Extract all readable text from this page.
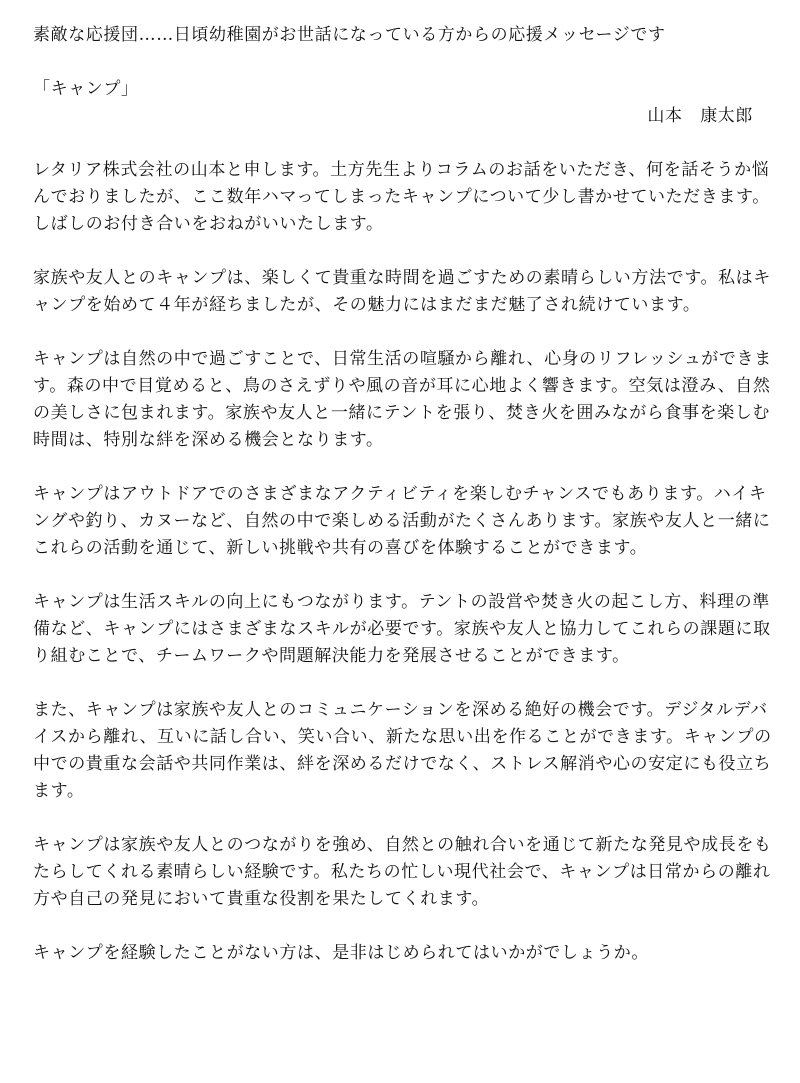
素敵な応援団……日頃幼稚園がお世話になっている方からの応援メッセージです
「キャンプ」
山本　康太郎
レタリア株式会社の山本と申します。土方先生よりコラムのお話をいただき、何を話そうか悩んでおりましたが、ここ数年ハマってしまったキャンプについて少し書かせていただきます。しばしのお付き合いをおねがいいたします。
家族や友人とのキャンプは、楽しくて貴重な時間を過ごすための素晴らしい方法です。私はキャンプを始めて４年が経ちましたが、その魅力にはまだまだ魅了され続けています。
キャンプは自然の中で過ごすことで、日常生活の喧騒から離れ、心身のリフレッシュができます。森の中で目覚めると、鳥のさえずりや風の音が耳に心地よく響きます。空気は澄み、自然の美しさに包まれます。家族や友人と一緒にテントを張り、焚き火を囲みながら食事を楽しむ時間は、特別な絆を深める機会となります。
キャンプはアウトドアでのさまざまなアクティビティを楽しむチャンスでもあります。ハイキングや釣り、カヌーなど、自然の中で楽しめる活動がたくさんあります。家族や友人と一緒にこれらの活動を通じて、新しい挑戦や共有の喜びを体験することができます。
キャンプは生活スキルの向上にもつながります。テントの設営や焚き火の起こし方、料理の準備など、キャンプにはさまざまなスキルが必要です。家族や友人と協力してこれらの課題に取り組むことで、チームワークや問題解決能力を発展させることができます。
また、キャンプは家族や友人とのコミュニケーションを深める絶好の機会です。デジタルデバイスから離れ、互いに話し合い、笑い合い、新たな思い出を作ることができます。キャンプの中での貴重な会話や共同作業は、絆を深めるだけでなく、ストレス解消や心の安定にも役立ちます。
キャンプは家族や友人とのつながりを強め、自然との触れ合いを通じて新たな発見や成長をもたらしてくれる素晴らしい経験です。私たちの忙しい現代社会で、キャンプは日常からの離れ方や自己の発見において貴重な役割を果たしてくれます。
キャンプを経験したことがない方は、是非はじめられてはいかがでしょうか。
